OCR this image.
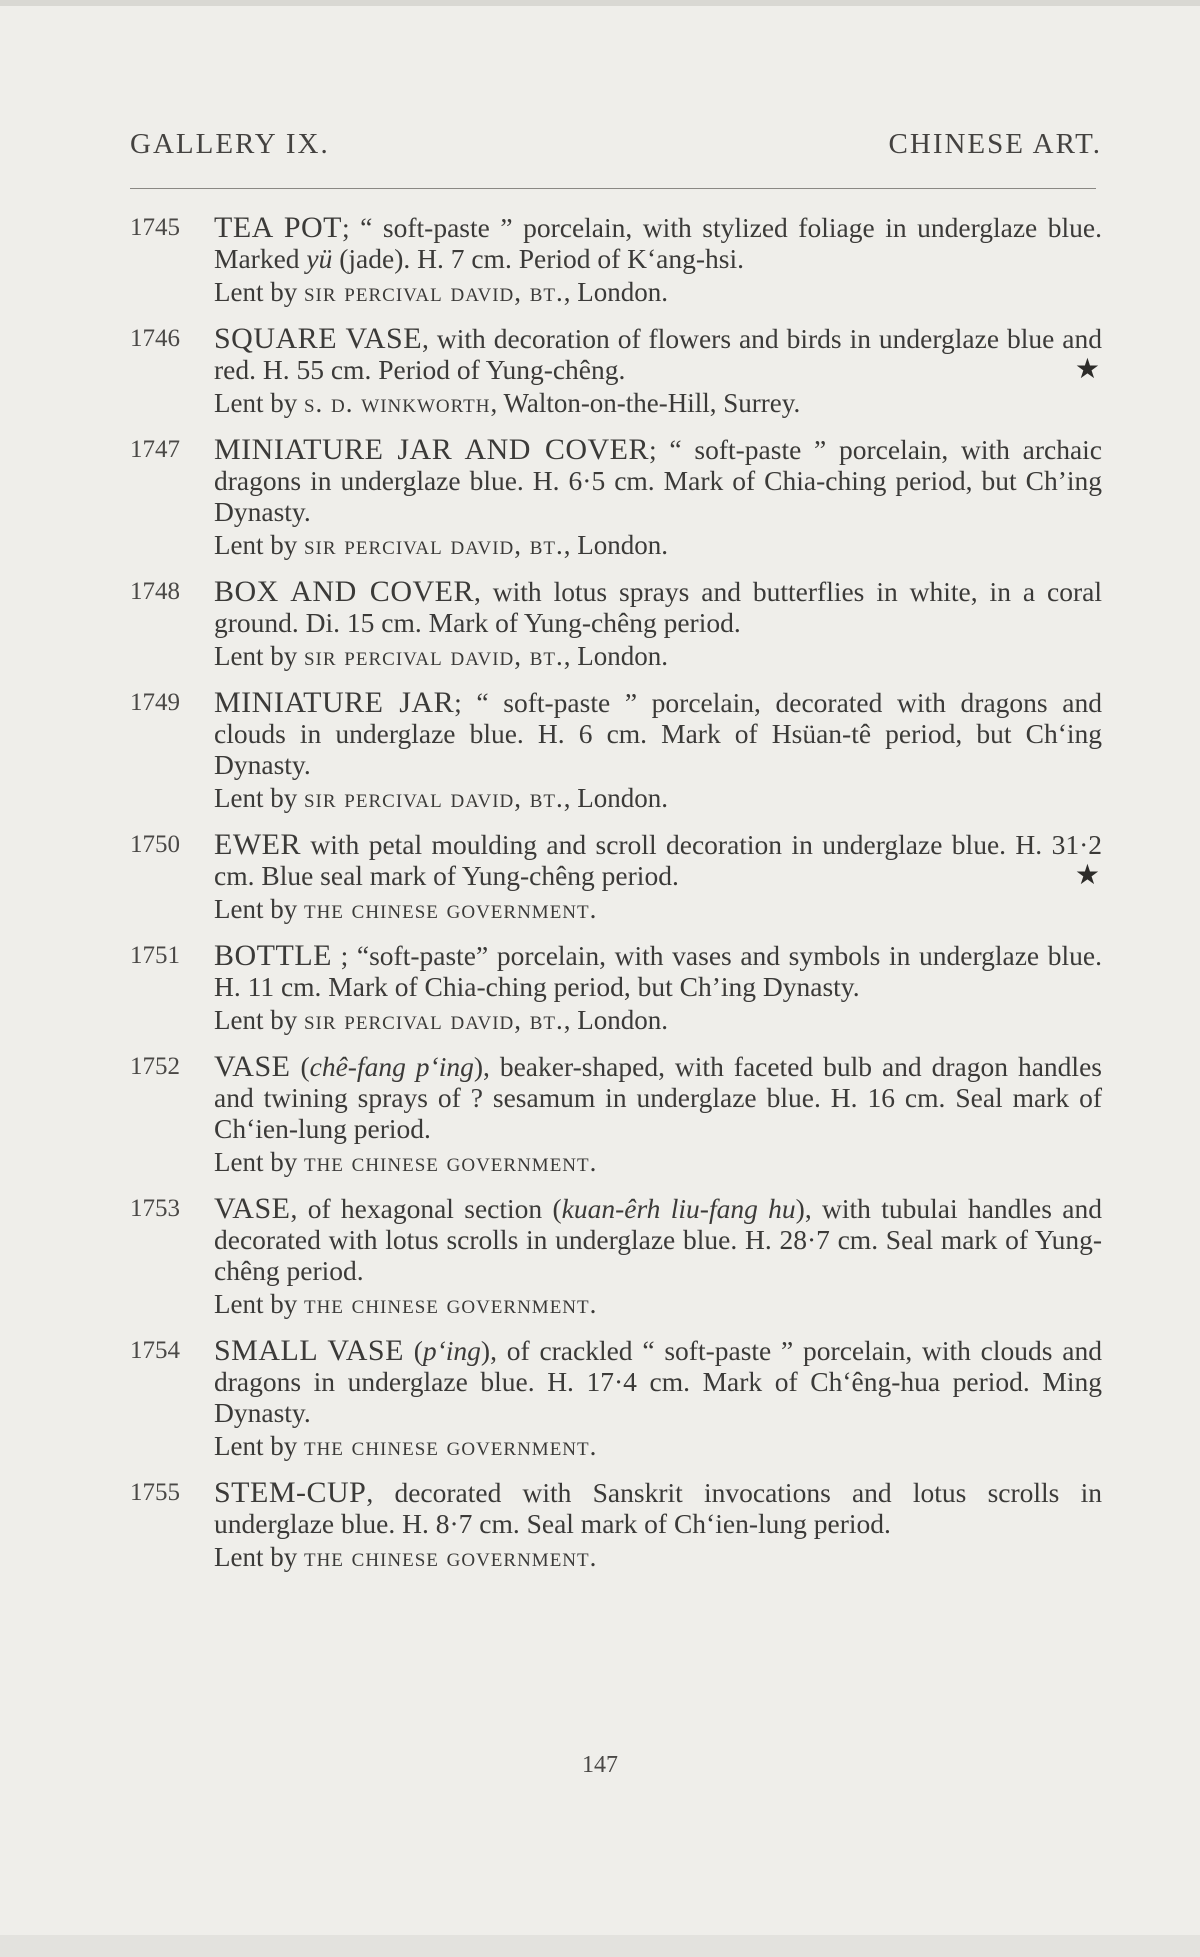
GALLERY IX.	CHINESE ART.
1745	TEA POT; “ soft-paste ” porcelain, with stylized foliage in underglaze blue. Marked yü (jade). H. 7 cm. Period of K‘ang-hsi.
Lent by sir percival david, bt., London.
1746	SQUARE VASE, with decoration of flowers and birds in underglaze blue and red. H. 55 cm. Period of Yung-chêng.	★
Lent by s. d. winkworth, Walton-on-the-Hill, Surrey.
1747	MINIATURE JAR AND COVER; “ soft-paste ” porcelain, with archaic dragons in underglaze blue. H. 6·5 cm. Mark of Chia-ching period, but Ch’ing Dynasty.
Lent by sir percival david, bt., London.
1748	BOX AND COVER, with lotus sprays and butterflies in white, in a coral ground. Di. 15 cm. Mark of Yung-chêng period.
Lent by sir percival david, bt., London.
1749	MINIATURE JAR; “ soft-paste ” porcelain, decorated with dragons and clouds in underglaze blue. H. 6 cm. Mark of Hsüan-tê period, but Ch‘ing Dynasty.
Lent by sir percival david, bt., London.
1750	EWER with petal moulding and scroll decoration in underglaze blue. H. 31·2 cm. Blue seal mark of Yung-chêng period.	★
Lent by the chinese government.
1751	BOTTLE ; “soft-paste” porcelain, with vases and symbols in underglaze blue. H. 11 cm. Mark of Chia-ching period, but Ch’ing Dynasty.
Lent by sir percival david, bt., London.
1752	VASE (chê-fang p‘ing), beaker-shaped, with faceted bulb and dragon handles and twining sprays of ? sesamum in underglaze blue. H. 16 cm. Seal mark of Ch‘ien-lung period.
Lent by the chinese government.
1753	VASE, of hexagonal section (kuan-êrh liu-fang hu), with tubulai handles and decorated with lotus scrolls in underglaze blue. H. 28·7 cm. Seal mark of Yung-chêng period.
Lent by the chinese government.
1754	SMALL VASE (p‘ing), of crackled “ soft-paste ” porcelain, with clouds and dragons in underglaze blue. H. 17·4 cm. Mark of Ch‘êng-hua period. Ming Dynasty.
Lent by the chinese government.
1755	STEM-CUP, decorated with Sanskrit invocations and lotus scrolls in underglaze blue. H. 8·7 cm. Seal mark of Ch‘ien-lung period.
Lent by the chinese government.
147
